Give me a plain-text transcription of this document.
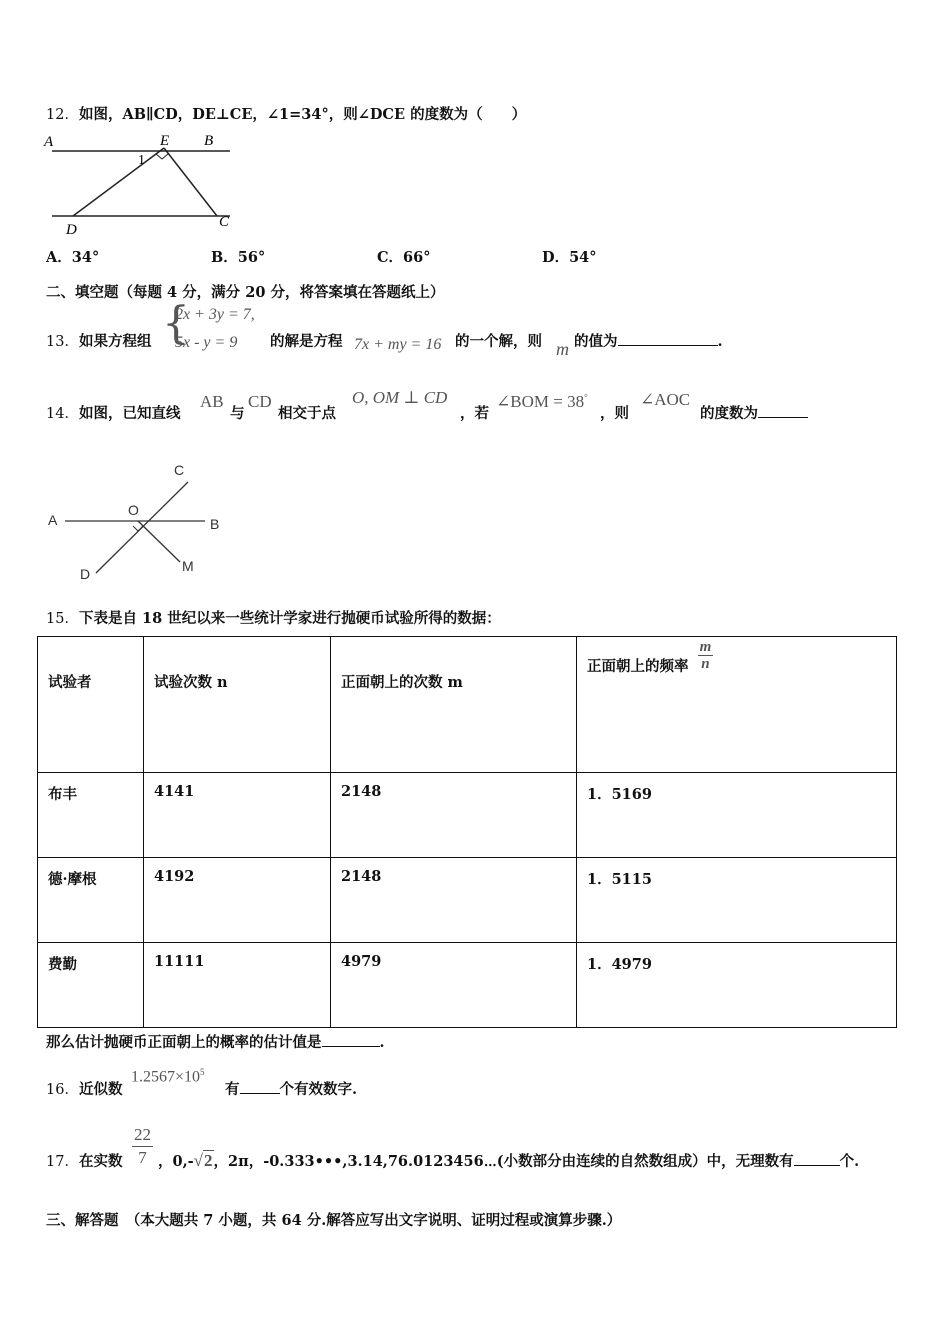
12．如图，AB∥CD，DE⊥CE，∠1=34°，则∠DCE 的度数为（　　）
A	E B
1
D	C
A．34°	B．56°	C．66°	D．54°
二、填空题（每题 4 分，满分 20 分，将答案填在答题纸上）
13．如果方程组 {
2x + 3y = 7,
5x - y = 9 的解是方程 7x + my = 16 的一个解，则 m 的值为	.
14．如图，已知直线
AB
与
CD
相交于点
O, OM ⊥ CD
，若
∠BOM = 38°
，则
∠AOC
的度数为
C
A
O
B
D	M
15．下表是自 18 世纪以来一些统计学家进行抛硬币试验所得的数据：
试验者	试验次数 n	正面朝上的次数 m	正面朝上的频率 $\frac{m}{n}$

布丰	4141	2148	1．5169
德·摩根	4192	2148	1．5115
费勤	11111	4979	1．4979
那么估计抛硬币正面朝上的概率的估计值是	.
16．近似数
$1.2567\times 10^5$
有	个有效数字.
17．在实数 $\frac{22}{7}$ ，0,-√2，2π，-0.333•••,3.14,76.0123456⋯(小数部分由连续的自然数组成）中，无理数有	个.
三、解答题　（本大题共 7 小题，共 64 分.解答应写出文字说明、证明过程或演算步骤.）
